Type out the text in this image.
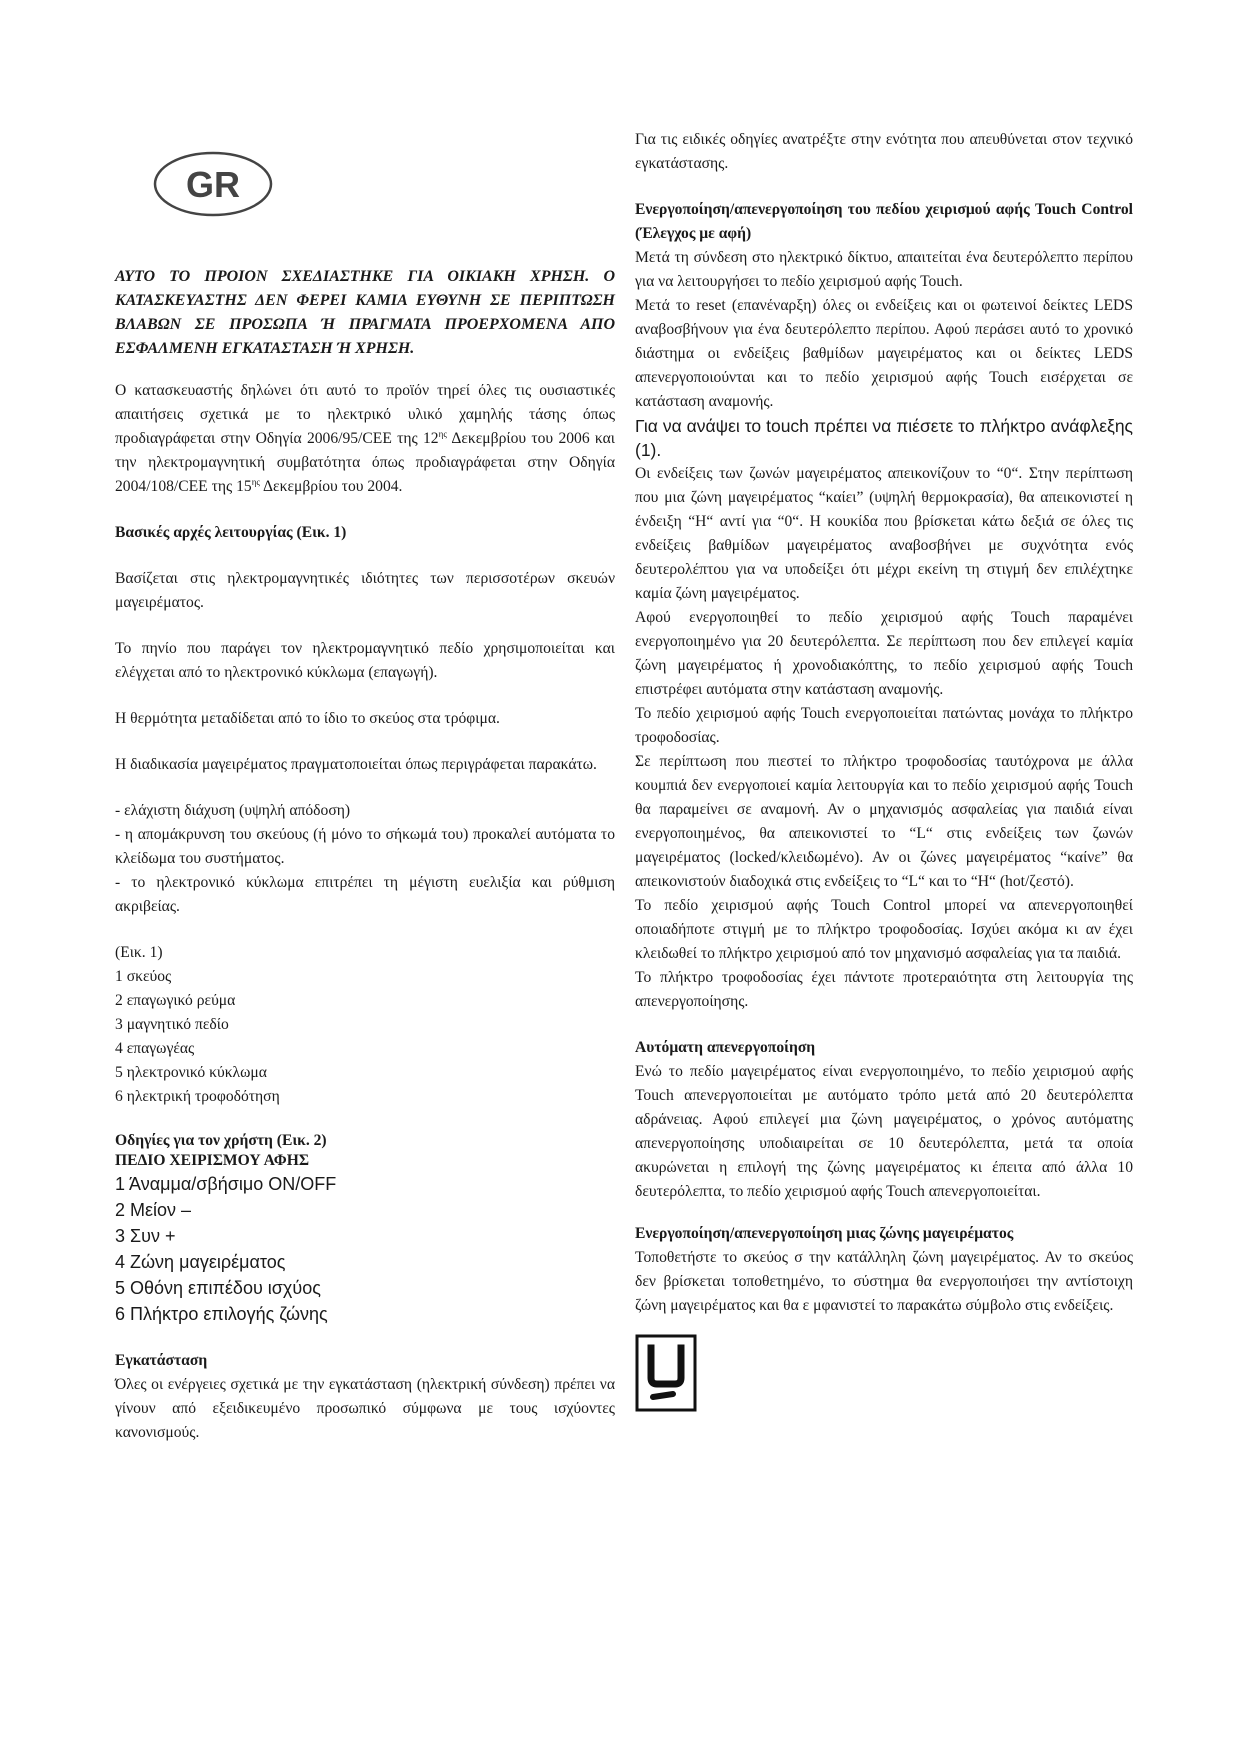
GR

ΑΥΤΟ ΤΟ ΠΡΟΙΟΝ ΣΧΕΔΙΑΣΤΗΚΕ ΓΙΑ ΟΙΚΙΑΚΗ ΧΡΗΣΗ. Ο ΚΑΤΑΣΚΕΥΑΣΤΗΣ ΔΕΝ ΦΕΡΕΙ ΚΑΜΙΑ ΕΥΘΥΝΗ ΣΕ ΠΕΡΙΠΤΩΣΗ ΒΛΑΒΩΝ ΣΕ ΠΡΟΣΩΠΑ Ή ΠΡΑΓΜΑΤΑ ΠΡΟΕΡΧΟΜΕΝΑ ΑΠΟ ΕΣΦΑΛΜΕΝΗ ΕΓΚΑΤΑΣΤΑΣΗ Ή ΧΡΗΣΗ.

Ο κατασκευαστής δηλώνει ότι αυτό το προϊόν τηρεί όλες τις ουσιαστικές απαιτήσεις σχετικά με το ηλεκτρικό υλικό χαμηλής τάσης όπως προδιαγράφεται στην Οδηγία 2006/95/CEE της $12^{\eta\varsigma}$ Δεκεμβρίου του 2006 και την ηλεκτρομαγνητική συμβατότητα όπως προδιαγράφεται στην Οδηγία 2004/108/CEE της $15^{\eta\varsigma}$ Δεκεμβρίου του 2004.

Βασικές αρχές λειτουργίας (Εικ. 1)

Βασίζεται στις ηλεκτρομαγνητικές ιδιότητες των περισσοτέρων σκευών μαγειρέματος.

Το πηνίο που παράγει τον ηλεκτρομαγνητικό πεδίο χρησιμοποιείται και ελέγχεται από το ηλεκτρονικό κύκλωμα (επαγωγή).

Η θερμότητα μεταδίδεται από το ίδιο το σκεύος στα τρόφιμα.

Η διαδικασία μαγειρέματος πραγματοποιείται όπως περιγράφεται παρακάτω.

- ελάχιστη διάχυση (υψηλή απόδοση)

- η απομάκρυνση του σκεύους (ή μόνο το σήκωμά του) προκαλεί αυτόματα το κλείδωμα του συστήματος.

- το ηλεκτρονικό κύκλωμα επιτρέπει τη μέγιστη ευελιξία και ρύθμιση ακριβείας.

(Εικ. 1)

1 σκεύος

2 επαγωγικό ρεύμα

3 μαγνητικό πεδίο

4 επαγωγέας

5 ηλεκτρονικό κύκλωμα

6 ηλεκτρική τροφοδότηση

Οδηγίες για τον χρήστη (Εικ. 2)

ΠΕΔΙΟ ΧΕΙΡΙΣΜΟΥ ΑΦΗΣ

1 Άναμμα/σβήσιμο ON/OFF

2 Μείον –

3 Συν +

4 Ζώνη μαγειρέματος

5 Οθόνη επιπέδου ισχύος

6 Πλήκτρο επιλογής ζώνης

Εγκατάσταση

Όλες οι ενέργειες σχετικά με την εγκατάσταση (ηλεκτρική σύνδεση) πρέπει να γίνουν από εξειδικευμένο προσωπικό σύμφωνα με τους ισχύοντες κανονισμούς.

Για τις ειδικές οδηγίες ανατρέξτε στην ενότητα που απευθύνεται στον τεχνικό εγκατάστασης.

Ενεργοποίηση/απενεργοποίηση του πεδίου χειρισμού αφής Touch Control (Έλεγχος με αφή)

Μετά τη σύνδεση στο ηλεκτρικό δίκτυο, απαιτείται ένα δευτερόλεπτο περίπου για να λειτουργήσει το πεδίο χειρισμού αφής Touch.

Μετά το reset (επανέναρξη) όλες οι ενδείξεις και οι φωτεινοί δείκτες LEDS αναβοσβήνουν για ένα δευτερόλεπτο περίπου. Αφού περάσει αυτό το χρονικό διάστημα οι ενδείξεις βαθμίδων μαγειρέματος και οι δείκτες LEDS απενεργοποιούνται και το πεδίο χειρισμού αφής Touch εισέρχεται σε κατάσταση αναμονής.

Για να ανάψει το touch πρέπει να πιέσετε το πλήκτρο ανάφλεξης (1).

Οι ενδείξεις των ζωνών μαγειρέματος απεικονίζουν το “0“. Στην περίπτωση που μια ζώνη μαγειρέματος “καίει” (υψηλή θερμοκρασία), θα απεικονιστεί η ένδειξη “H“ αντί για “0“. Η κουκίδα που βρίσκεται κάτω δεξιά σε όλες τις ενδείξεις βαθμίδων μαγειρέματος αναβοσβήνει με συχνότητα ενός δευτερολέπτου για να υποδείξει ότι μέχρι εκείνη τη στιγμή δεν επιλέχτηκε καμία ζώνη μαγειρέματος.

Αφού ενεργοποιηθεί το πεδίο χειρισμού αφής Touch παραμένει ενεργοποιημένο για 20 δευτερόλεπτα. Σε περίπτωση που δεν επιλεγεί καμία ζώνη μαγειρέματος ή χρονοδιακόπτης, το πεδίο χειρισμού αφής Touch επιστρέφει αυτόματα στην κατάσταση αναμονής.

Το πεδίο χειρισμού αφής Touch ενεργοποιείται πατώντας μονάχα το πλήκτρο τροφοδοσίας.

Σε περίπτωση που πιεστεί το πλήκτρο τροφοδοσίας ταυτόχρονα με άλλα κουμπιά δεν ενεργοποιεί καμία λειτουργία και το πεδίο χειρισμού αφής Touch θα παραμείνει σε αναμονή. Αν ο μηχανισμός ασφαλείας για παιδιά είναι ενεργοποιημένος, θα απεικονιστεί το “L“ στις ενδείξεις των ζωνών μαγειρέματος (locked/κλειδωμένο). Αν οι ζώνες μαγειρέματος “καίνε” θα απεικονιστούν διαδοχικά στις ενδείξεις το “L“ και το “H“ (hot/ζεστό).

Το πεδίο χειρισμού αφής Touch Control μπορεί να απενεργοποιηθεί οποιαδήποτε στιγμή με το πλήκτρο τροφοδοσίας. Ισχύει ακόμα κι αν έχει κλειδωθεί το πλήκτρο χειρισμού από τον μηχανισμό ασφαλείας για τα παιδιά.

Το πλήκτρο τροφοδοσίας έχει πάντοτε προτεραιότητα στη λειτουργία της απενεργοποίησης.

Αυτόματη απενεργοποίηση

Ενώ το πεδίο μαγειρέματος είναι ενεργοποιημένο, το πεδίο χειρισμού αφής Touch απενεργοποιείται με αυτόματο τρόπο μετά από 20 δευτερόλεπτα αδράνειας. Αφού επιλεγεί μια ζώνη μαγειρέματος, ο χρόνος αυτόματης απενεργοποίησης υποδιαιρείται σε 10 δευτερόλεπτα, μετά τα οποία ακυρώνεται η επιλογή της ζώνης μαγειρέματος κι έπειτα από άλλα 10 δευτερόλεπτα, το πεδίο χειρισμού αφής Touch απενεργοποιείται.

Ενεργοποίηση/απενεργοποίηση μιας ζώνης μαγειρέματος

Τοποθετήστε το σκεύος σ την κατάλληλη ζώνη μαγειρέματος. Αν το σκεύος δεν βρίσκεται τοποθετημένο, το σύστημα θα ενεργοποιήσει την αντίστοιχη ζώνη μαγειρέματος και θα ε μφανιστεί το παρακάτω σύμβολο στις ενδείξεις.
